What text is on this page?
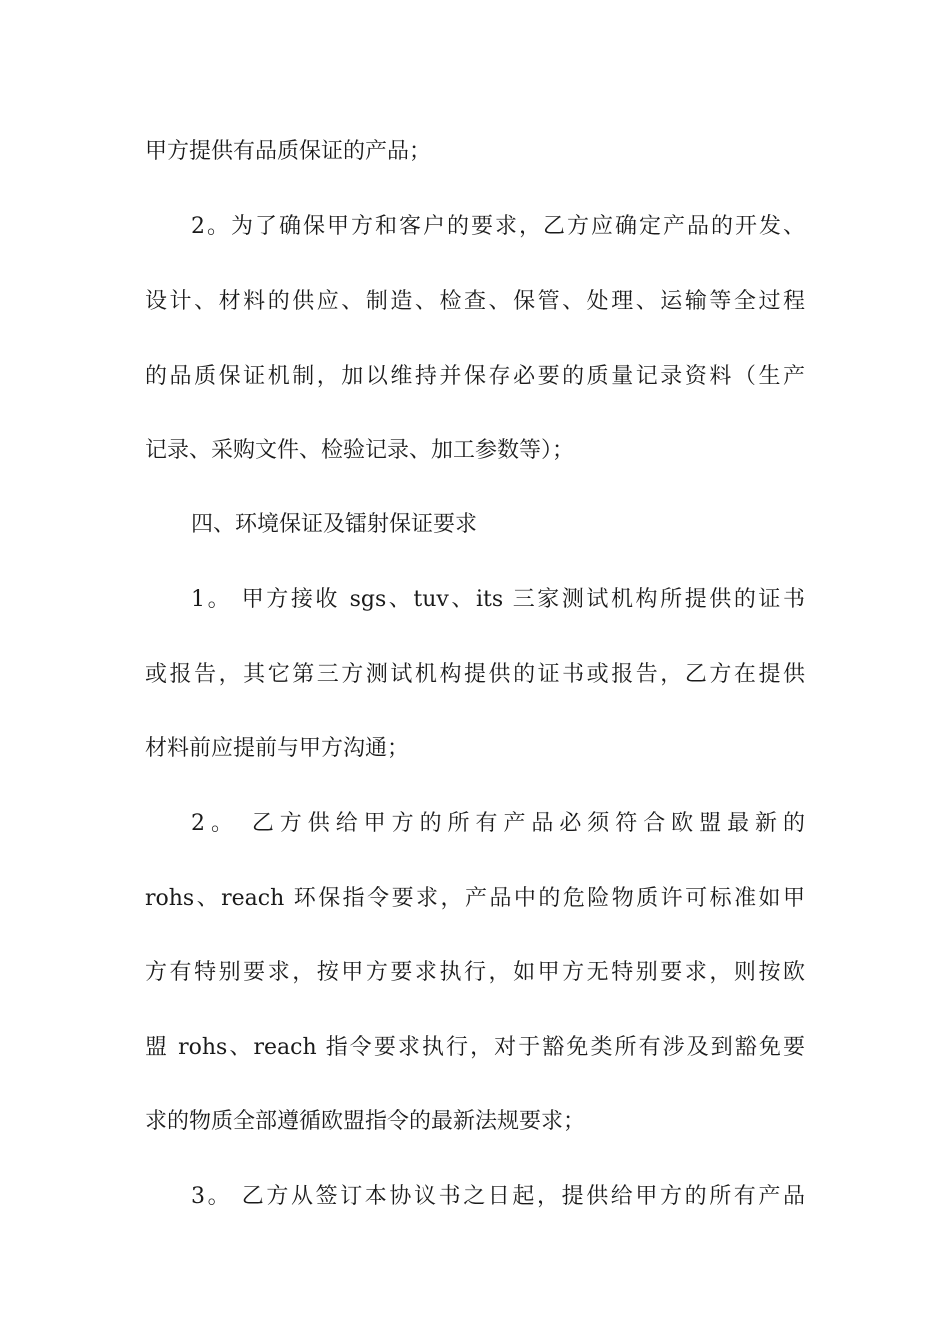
甲方提供有品质保证的产品；
2。为了确保甲方和客户的要求，乙方应确定产品的开发、
设计、材料的供应、制造、检查、保管、处理、运输等全过程
的品质保证机制，加以维持并保存必要的质量记录资料（生产
记录、采购文件、检验记录、加工参数等）；
四、环境保证及镭射保证要求
1。 甲方接收 sgs、tuv、its 三家测试机构所提供的证书
或报告，其它第三方测试机构提供的证书或报告，乙方在提供
材料前应提前与甲方沟通；
2。 乙方供给甲方的所有产品必须符合欧盟最新的
rohs、reach 环保指令要求，产品中的危险物质许可标准如甲
方有特别要求，按甲方要求执行，如甲方无特别要求，则按欧
盟 rohs、reach 指令要求执行，对于豁免类所有涉及到豁免要
求的物质全部遵循欧盟指令的最新法规要求；
3。 乙方从签订本协议书之日起，提供给甲方的所有产品
